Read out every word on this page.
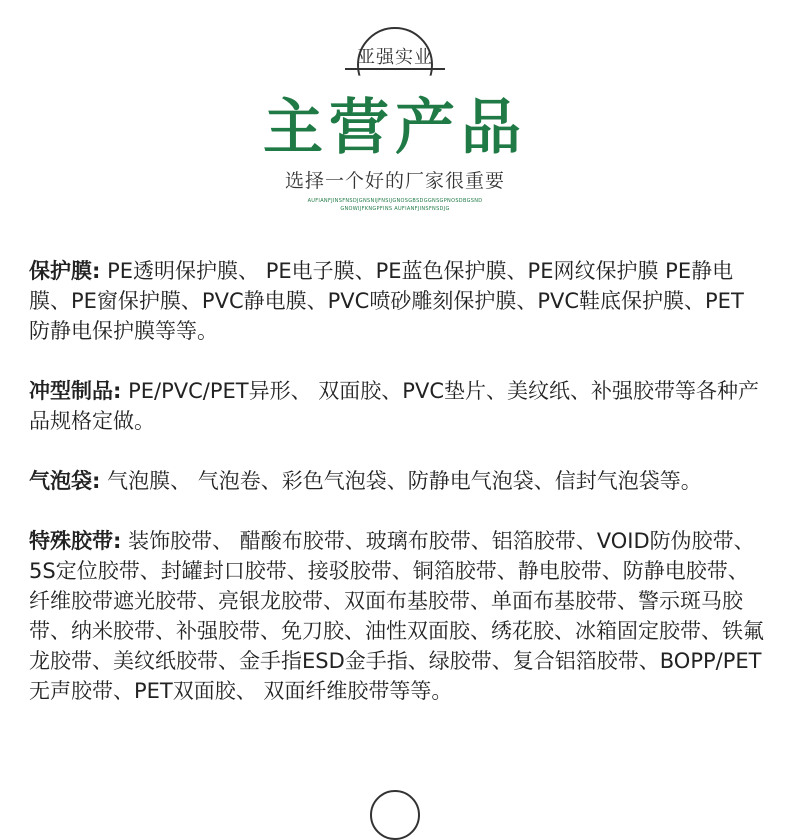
亚强实业
主营产品
选择一个好的厂家很重要
AUFIANFJINSFNSDJGNSNIJFNSIJGNOSGBSDGGNSGPNOSDBGSND
GNOWIJFKNGPFINS AUFIANFJINSFNSDJG

保护膜: PE透明保护膜、 PE电子膜、PE蓝色保护膜、PE网纹保护膜 PE静电膜、PE窗保护膜、PVC静电膜、PVC喷砂雕刻保护膜、PVC鞋底保护膜、PET防静电保护膜等等。

冲型制品: PE/PVC/PET异形、 双面胶、PVC垫片、美纹纸、补强胶带等各种产品规格定做。

气泡袋: 气泡膜、 气泡卷、彩色气泡袋、防静电气泡袋、信封气泡袋等。

特殊胶带: 装饰胶带、 醋酸布胶带、玻璃布胶带、铝箔胶带、VOID防伪胶带、5S定位胶带、封罐封口胶带、接驳胶带、铜箔胶带、静电胶带、防静电胶带、纤维胶带遮光胶带、亮银龙胶带、双面布基胶带、单面布基胶带、警示斑马胶带、纳米胶带、补强胶带、免刀胶、油性双面胶、绣花胶、冰箱固定胶带、铁氟龙胶带、美纹纸胶带、金手指ESD金手指、绿胶带、复合铝箔胶带、BOPP/PET无声胶带、PET双面胶、 双面纤维胶带等等。
